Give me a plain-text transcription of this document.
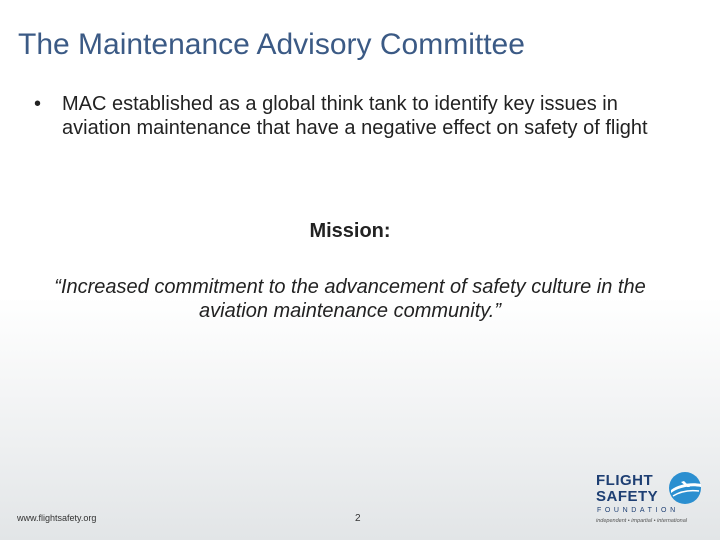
The Maintenance Advisory Committee
• MAC established as a global think tank to identify key issues in aviation maintenance that have a negative effect on safety of flight
Mission:
“Increased commitment to the advancement of safety culture in the aviation maintenance community.”
www.flightsafety.org	2
FLIGHT
SAFETY
FOUNDATION
independent • impartial • international
